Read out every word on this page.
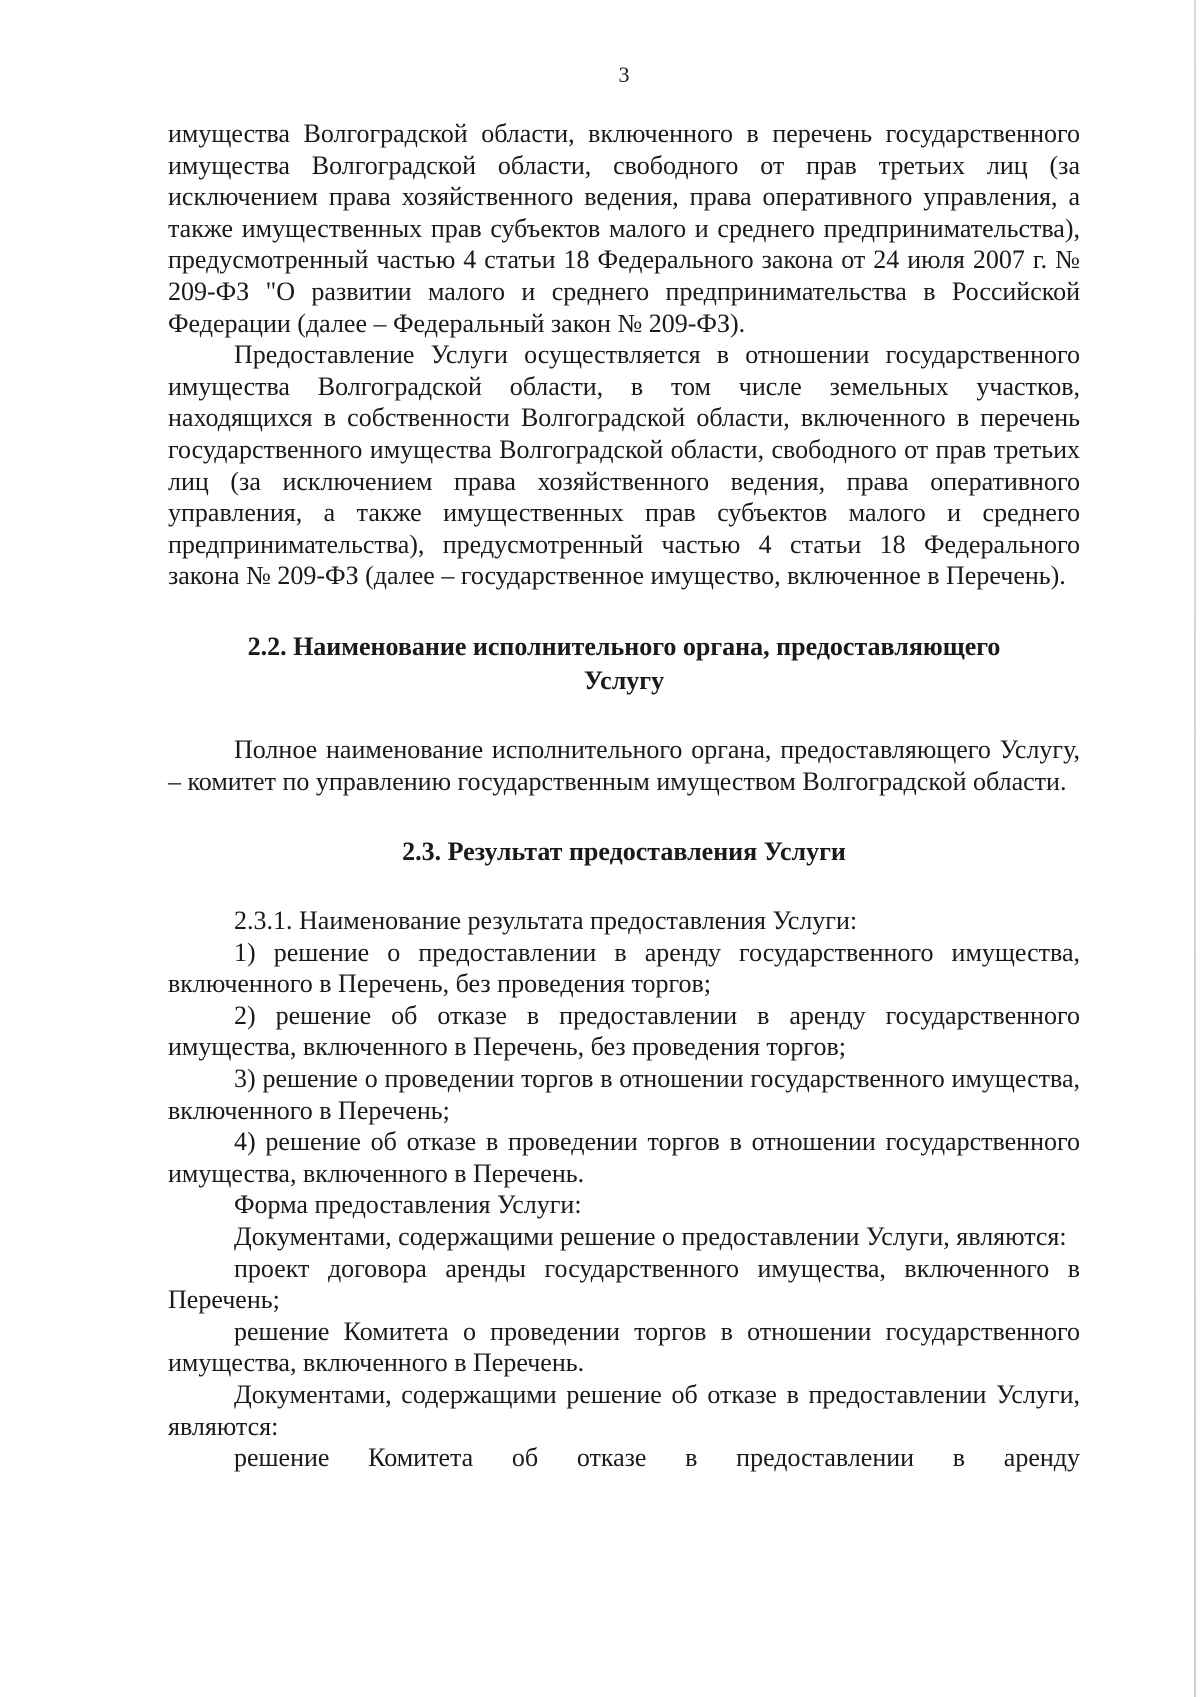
3

имущества Волгоградской области, включенного в перечень государственного имущества Волгоградской области, свободного от прав третьих лиц (за исключением права хозяйственного ведения, права оперативного управления, а также имущественных прав субъектов малого и среднего предпринимательства), предусмотренный частью 4 статьи 18 Федерального закона от 24 июля 2007 г. № 209-ФЗ "О развитии малого и среднего предпринимательства в Российской Федерации (далее – Федеральный закон № 209-ФЗ).

Предоставление Услуги осуществляется в отношении государственного имущества Волгоградской области, в том числе земельных участков, находящихся в собственности Волгоградской области, включенного в перечень государственного имущества Волгоградской области, свободного от прав третьих лиц (за исключением права хозяйственного ведения, права оперативного управления, а также имущественных прав субъектов малого и среднего предпринимательства), предусмотренный частью 4 статьи 18 Федерального закона № 209-ФЗ (далее – государственное имущество, включенное в Перечень).

2.2. Наименование исполнительного органа, предоставляющего

Услугу

Полное наименование исполнительного органа, предоставляющего Услугу, – комитет по управлению государственным имуществом Волгоградской области.

2.3. Результат предоставления Услуги

2.3.1. Наименование результата предоставления Услуги:

1) решение о предоставлении в аренду государственного имущества, включенного в Перечень, без проведения торгов;

2) решение об отказе в предоставлении в аренду государственного имущества, включенного в Перечень, без проведения торгов;

3) решение о проведении торгов в отношении государственного имущества, включенного в Перечень;

4) решение об отказе в проведении торгов в отношении государственного имущества, включенного в Перечень.

Форма предоставления Услуги:

Документами, содержащими решение о предоставлении Услуги, являются:

проект договора аренды государственного имущества, включенного в Перечень;

решение Комитета о проведении торгов в отношении государственного имущества, включенного в Перечень.

Документами, содержащими решение об отказе в предоставлении Услуги, являются:

решение Комитета об отказе в предоставлении в аренду
